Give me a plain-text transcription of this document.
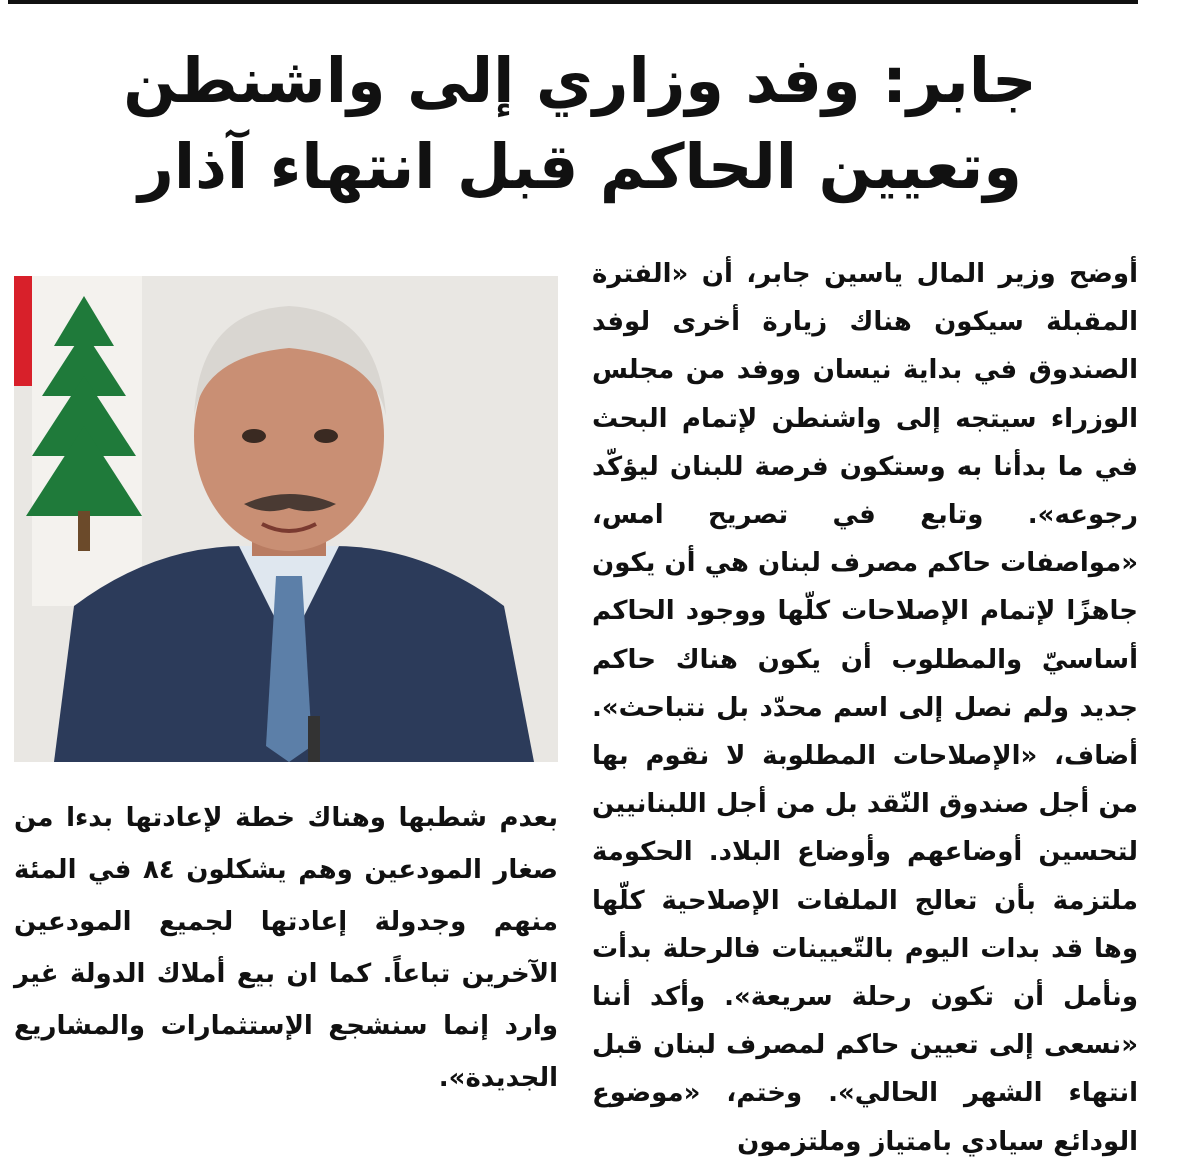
جابر: وفد وزاري إلى واشنطن
وتعيين الحاكم قبل انتهاء آذار

أوضح وزير المال ياسين جابر، أن «الفترة المقبلة سيكون هناك زيارة أخرى لوفد الصندوق في بداية نيسان ووفد من مجلس الوزراء سيتجه إلى واشنطن لإتمام البحث في ما بدأنا به وستكون فرصة للبنان ليؤكّد رجوعه». وتابع في تصريح امس، «مواصفات حاكم مصرف لبنان هي أن يكون جاهزًا لإتمام الإصلاحات كلّها ووجود الحاكم أساسيّ والمطلوب أن يكون هناك حاكم جديد ولم نصل إلى اسم محدّد بل نتباحث». أضاف، «الإصلاحات المطلوبة لا نقوم بها من أجل صندوق النّقد بل من أجل اللبنانيين لتحسين أوضاعهم وأوضاع البلاد. الحكومة ملتزمة بأن تعالج الملفات الإصلاحية كلّها وها قد بدات اليوم بالتّعيينات فالرحلة بدأت ونأمل أن تكون رحلة سريعة». وأكد أننا «نسعى إلى تعيين حاكم لمصرف لبنان قبل انتهاء الشهر الحالي». وختم، «موضوع الودائع سيادي بامتياز وملتزمون

بعدم شطبها وهناك خطة لإعادتها بدءا من صغار المودعين وهم يشكلون ٨٤ في المئة منهم وجدولة إعادتها لجميع المودعين الآخرين تباعاً. كما ان بيع أملاك الدولة غير وارد إنما سنشجع الإستثمارات والمشاريع الجديدة».
